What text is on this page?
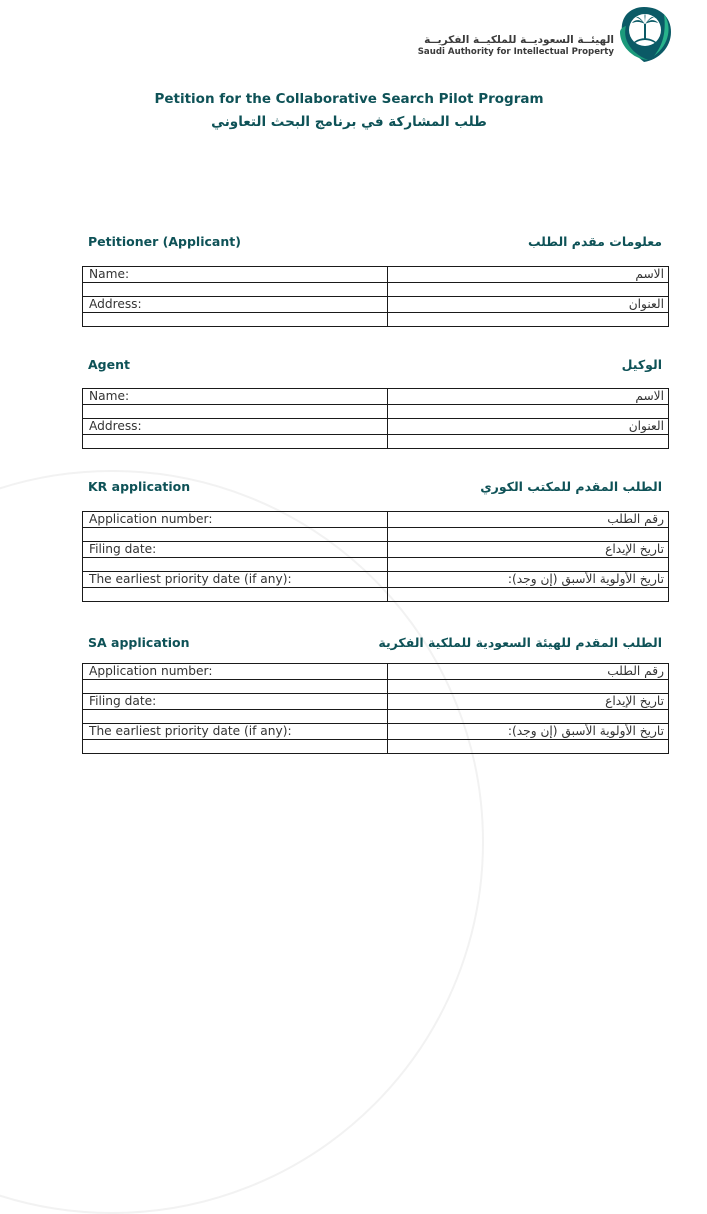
الهيئــة السعوديــة للملكيــة الفكريــة
Saudi Authority for Intellectual Property
Petition for the Collaborative Search Pilot Program
طلب المشاركة في برنامج البحث التعاوني
Petitioner (Applicant)	معلومات مقدم الطلب
Name:	الاسم

Address:	العنوان

Agent	الوكيل
Name:	الاسم

Address:	العنوان

KR application	الطلب المقدم للمكتب الكوري
Application number:	رقم الطلب

Filing date:	تاريخ الإيداع

The earliest priority date (if any):	تاريخ الأولوية الأسبق (إن وجد):

SA application	الطلب المقدم للهيئة السعودية للملكية الفكرية
Application number:	رقم الطلب

Filing date:	تاريخ الإيداع

The earliest priority date (if any):	تاريخ الأولوية الأسبق (إن وجد):
